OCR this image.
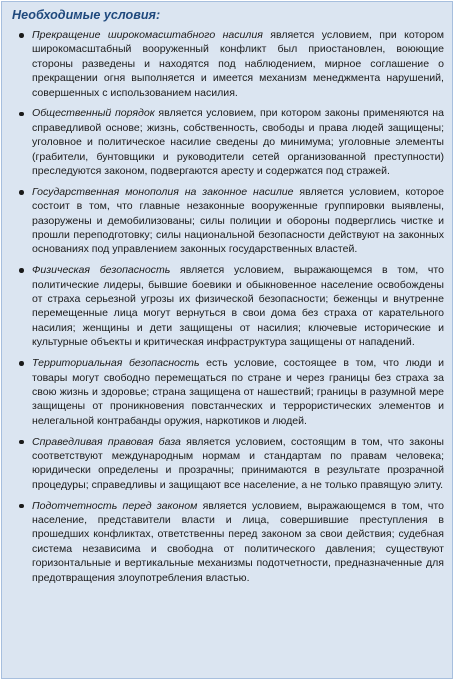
Необходимые условия:
Прекращение широкомасштабного насилия является условием, при котором широкомасштабный вооруженный конфликт был приостановлен, воюющие стороны разведены и находятся под наблюдением, мирное соглашение о прекращении огня выполняется и имеется механизм менеджмента нарушений, совершенных с использованием насилия.
Общественный порядок является условием, при котором законы применяются на справедливой основе; жизнь, собственность, свободы и права людей защищены; уголовное и политическое насилие сведены до минимума; уголовные элементы (грабители, бунтовщики и руководители сетей организованной преступности) преследуются законом, подвергаются аресту и содержатся под стражей.
Государственная монополия на законное насилие является условием, которое состоит в том, что главные незаконные вооруженные группировки выявлены, разоружены и демобилизованы; силы полиции и обороны подверглись чистке и прошли переподготовку; силы национальной безопасности действуют на законных основаниях под управлением законных государственных властей.
Физическая безопасность является условием, выражающемся в том, что политические лидеры, бывшие боевики и обыкновенное население освобождены от страха серьезной угрозы их физической безопасности; беженцы и внутренне перемещенные лица могут вернуться в свои дома без страха от карательного насилия; женщины и дети защищены от насилия; ключевые исторические и культурные объекты и критическая инфраструктура защищены от нападений.
Территориальная безопасность есть условие, состоящее в том, что люди и товары могут свободно перемещаться по стране и через границы без страха за свою жизнь и здоровье; страна защищена от нашествий; границы в разумной мере защищены от проникновения повстанческих и террористических элементов и нелегальной контрабанды оружия, наркотиков и людей.
Справедливая правовая база является условием, состоящим в том, что законы соответствуют международным нормам и стандартам по правам человека; юридически определены и прозрачны; принимаются в результате прозрачной процедуры; справедливы и защищают все население, а не только правящую элиту.
Подотчетность перед законом является условием, выражающемся в том, что население, представители власти и лица, совершившие преступления в прошедших конфликтах, ответственны перед законом за свои действия; судебная система независима и свободна от политического давления; существуют горизонтальные и вертикальные механизмы подотчетности, предназначенные для предотвращения злоупотребления властью.
